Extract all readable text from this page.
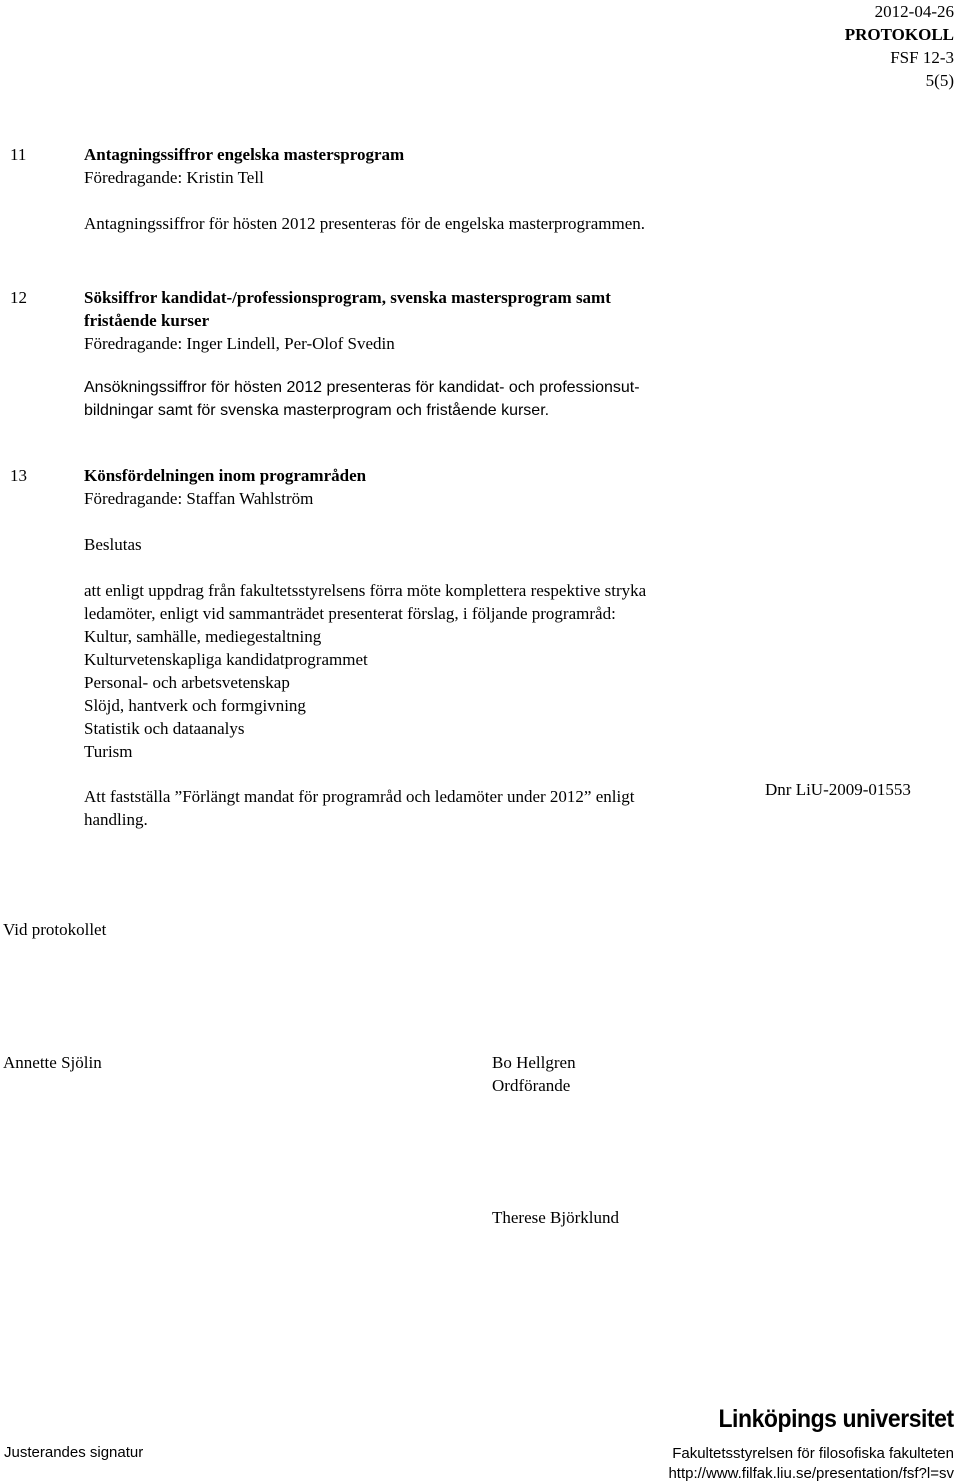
2012-04-26
PROTOKOLL
FSF 12-3
5(5)
11	Antagningssiffror engelska mastersprogram
Föredragande: Kristin Tell
Antagningssiffror för hösten 2012 presenteras för de engelska masterprogrammen.
12	Söksiffror kandidat-/professionsprogram, svenska mastersprogram samt
fristående kurser
Föredragande: Inger Lindell, Per-Olof Svedin
Ansökningssiffror för hösten 2012 presenteras för kandidat- och professionsut-
bildningar samt för svenska masterprogram och fristående kurser.
13	Könsfördelningen inom programråden
Föredragande: Staffan Wahlström
Beslutas
att enligt uppdrag från fakultetsstyrelsens förra möte komplettera respektive stryka
ledamöter, enligt vid sammanträdet presenterat förslag, i följande programråd:
Kultur, samhälle, mediegestaltning
Kulturvetenskapliga kandidatprogrammet
Personal- och arbetsvetenskap
Slöjd, hantverk och formgivning
Statistik och dataanalys
Turism
Att fastställa ”Förlängt mandat för programråd och ledamöter under 2012” enligt
handling.
Dnr LiU-2009-01553
Vid protokollet
Annette Sjölin	Bo Hellgren
Ordförande
Therese Björklund
Linköpings universitet
Justerandes signatur	Fakultetsstyrelsen för filosofiska fakulteten
http://www.filfak.liu.se/presentation/fsf?l=sv
